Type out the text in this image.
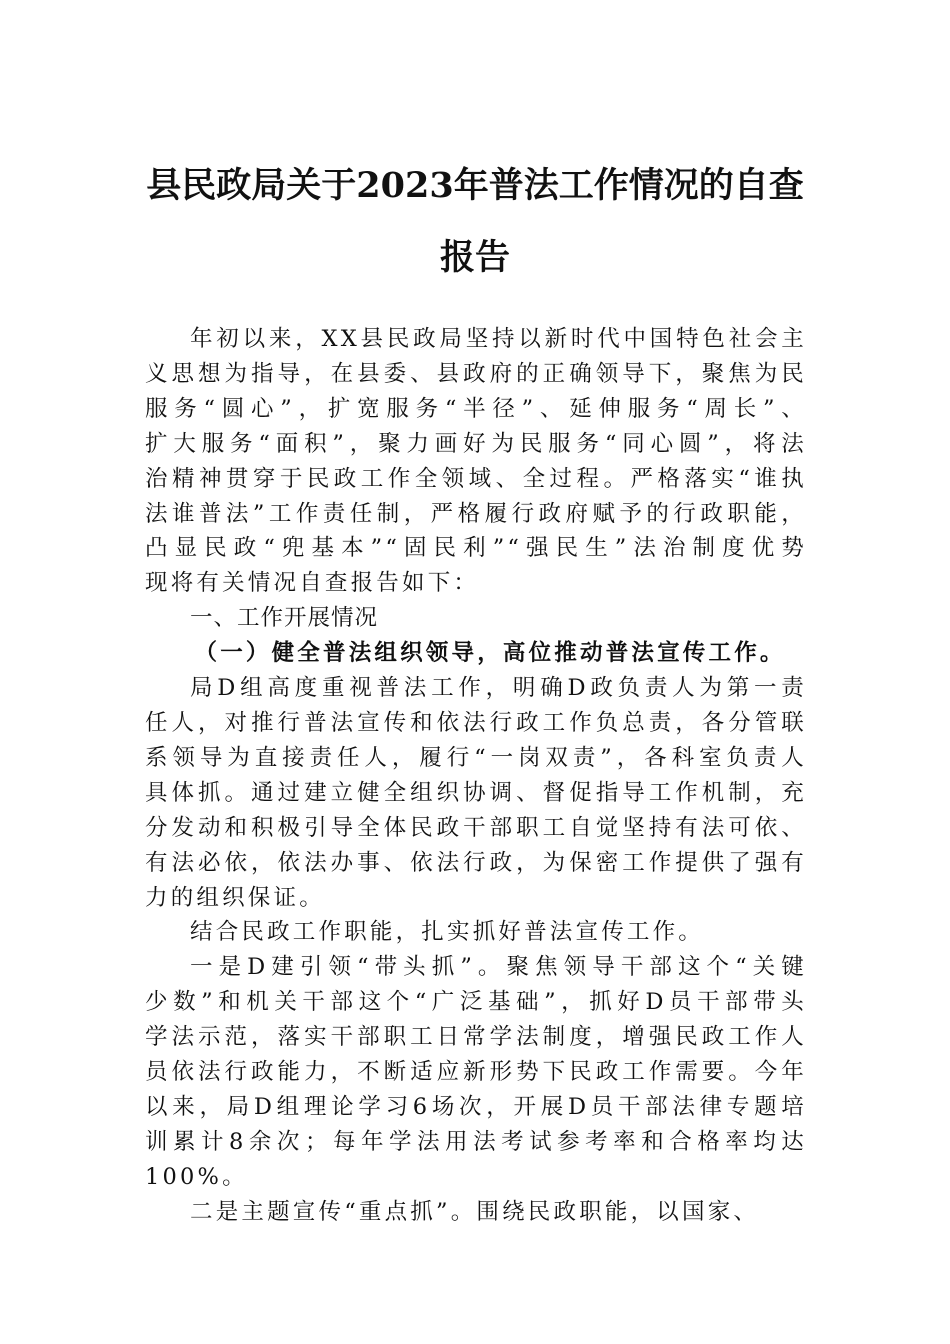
县民政局关于2023年普法工作情况的自查
报告

年初以来，XX县民政局坚持以新时代中国特色社会主
义思想为指导，在县委、县政府的正确领导下，聚焦为民
服务“圆心”，扩宽服务“半径”、延伸服务“周长”、
扩大服务“面积”，聚力画好为民服务“同心圆”，将法
治精神贯穿于民政工作全领域、全过程。严格落实“谁执
法谁普法”工作责任制，严格履行政府赋予的行政职能，
凸显民政“兜基本”“固民利”“强民生”法治制度优势
现将有关情况自查报告如下：

一、工作开展情况

（一）健全普法组织领导，高位推动普法宣传工作。

局D组高度重视普法工作，明确D政负责人为第一责
任人，对推行普法宣传和依法行政工作负总责，各分管联
系领导为直接责任人，履行“一岗双责”，各科室负责人
具体抓。通过建立健全组织协调、督促指导工作机制，充
分发动和积极引导全体民政干部职工自觉坚持有法可依、
有法必依，依法办事、依法行政，为保密工作提供了强有
力的组织保证。

结合民政工作职能，扎实抓好普法宣传工作。

一是D建引领“带头抓”。聚焦领导干部这个“关键
少数”和机关干部这个“广泛基础”，抓好D员干部带头
学法示范，落实干部职工日常学法制度，增强民政工作人
员依法行政能力，不断适应新形势下民政工作需要。今年
以来，局D组理论学习6场次，开展D员干部法律专题培
训累计8余次；每年学法用法考试参考率和合格率均达
100%。

二是主题宣传“重点抓”。围绕民政职能，以国家、
